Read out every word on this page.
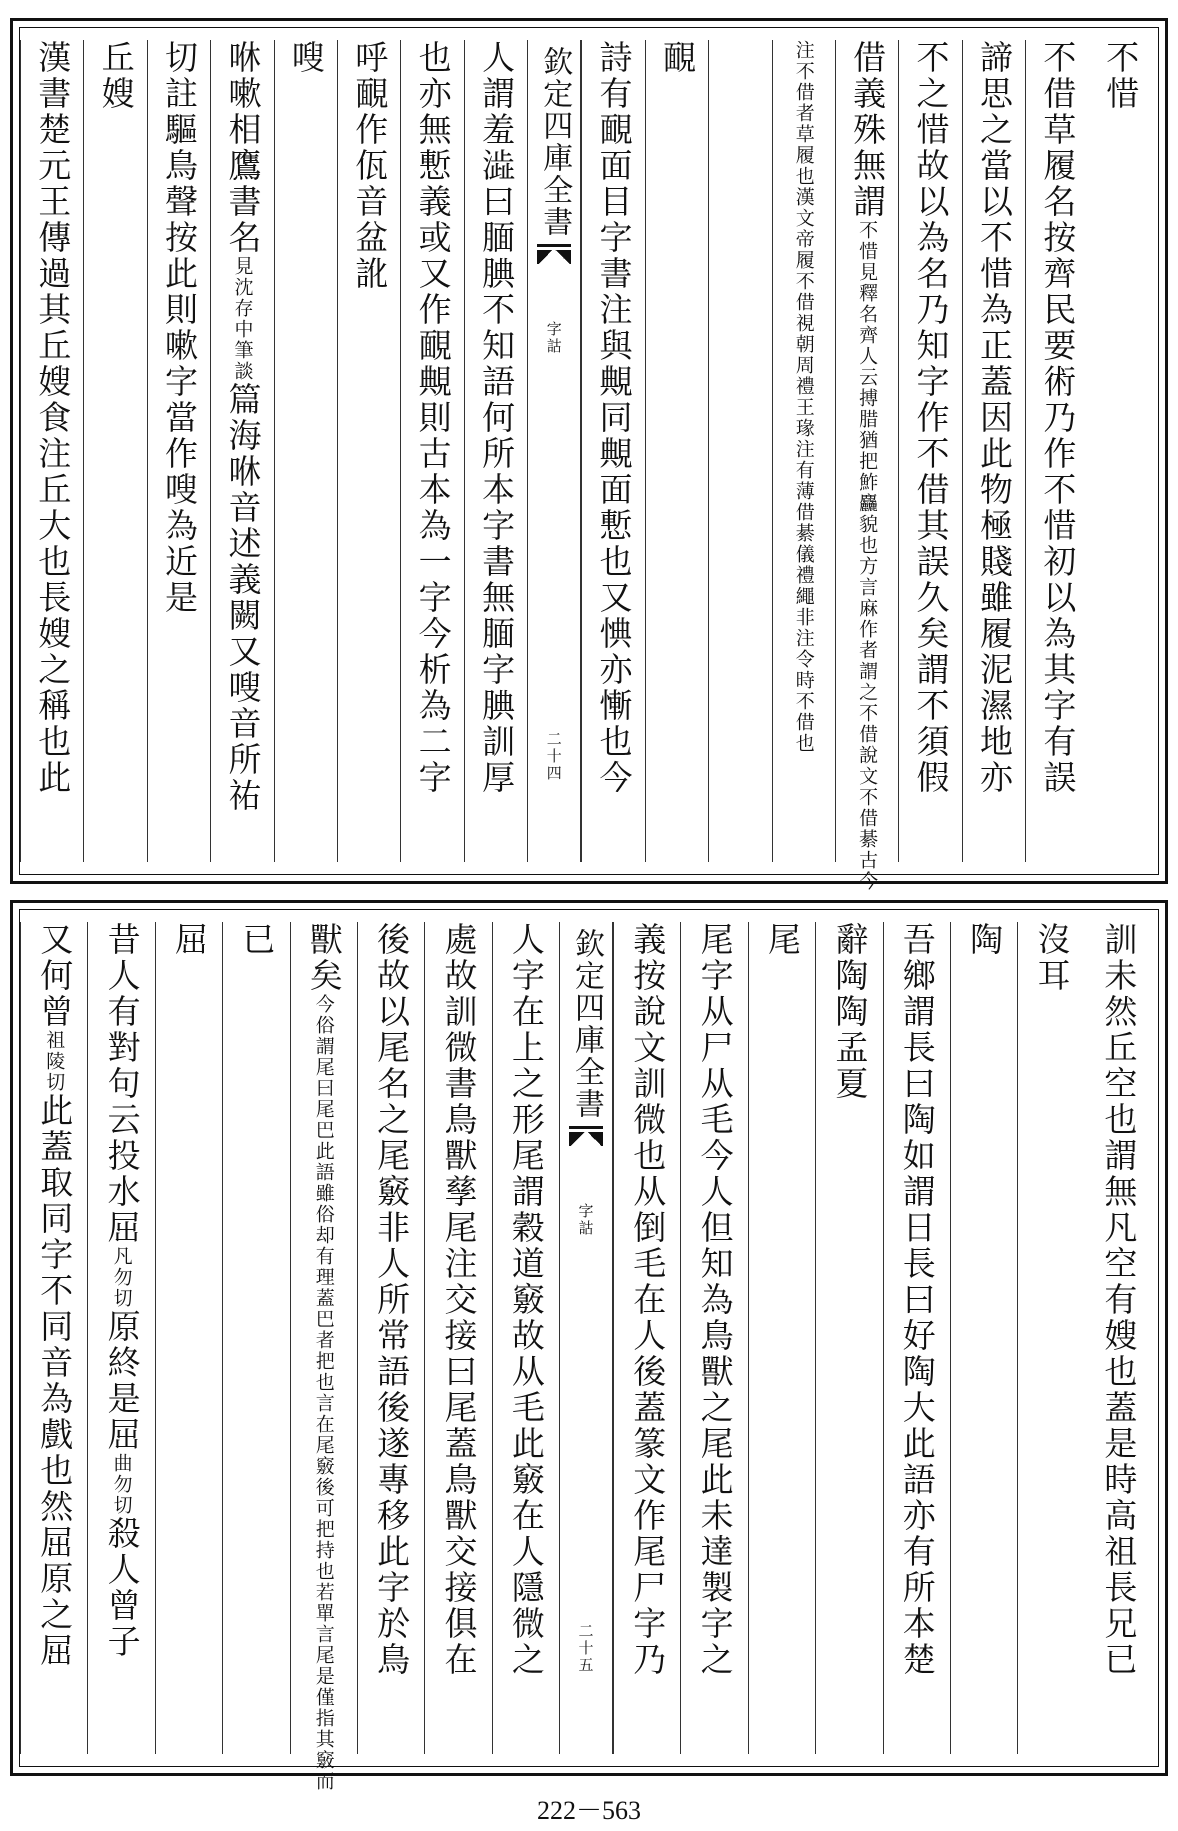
不惜
不借草履名按齊民要術乃作不惜初以為其字有誤
諦思之當以不惜為正蓋因此物極賤雖履泥濕地亦
不之惜故以為名乃知字作不借其誤久矣謂不須假
借義殊無謂
不惜見釋名齊人云搏腊猶把鮓麤貌也方言麻作者謂之不借說文不借綦古今
注不借者草履也漢文帝履不借視朝周禮王瑑注有薄借綦儀禮繩非注令時不借也
靦
詩有靦面目字書注與覥同覥面慙也又㥏亦慚也今
欽定四庫全書
字詁
二十四
人謂羞澁曰腼腆不知語何所本字書無腼字腆訓厚
也亦無慙義或又作靦覥則古本為一字今析為二字
呼靦作佤音盆訛
嗖
咻嗽相鷹書名
見沈存中筆談
篇海咻音述義闕又嗖音所祐
切註驅鳥聲按此則嗽字當作嗖為近是
丘嫂
漢書楚元王傳過其丘嫂食注丘大也長嫂之稱也此
訓未然丘空也謂無凡空有嫂也蓋是時高祖長兄已
沒耳
陶
吾鄉謂長曰陶如謂日長曰好陶大此語亦有所本楚
辭陶陶孟夏
尾
尾字从尸从毛今人但知為鳥獸之尾此未達製字之
義按說文訓微也从倒毛在人後蓋篆文作尾尸字乃
欽定四庫全書
字詁
二十五
人字在上之形尾謂穀道竅故从毛此竅在人隱微之
處故訓微書鳥獸孳尾注交接曰尾蓋鳥獸交接俱在
後故以尾名之尾竅非人所常語後遂專移此字於鳥
獸矣
今俗謂尾曰尾巴此語雖俗却有理蓋巴者把也言在尾竅後可把持也若單言尾是僅指其竅而
已
屈
昔人有對句云投水屈
凡勿切
原終是屈
曲勿切
殺人曾子
又何曾
祖陵切
此蓋取同字不同音為戲也然屈原之屈
222－563
